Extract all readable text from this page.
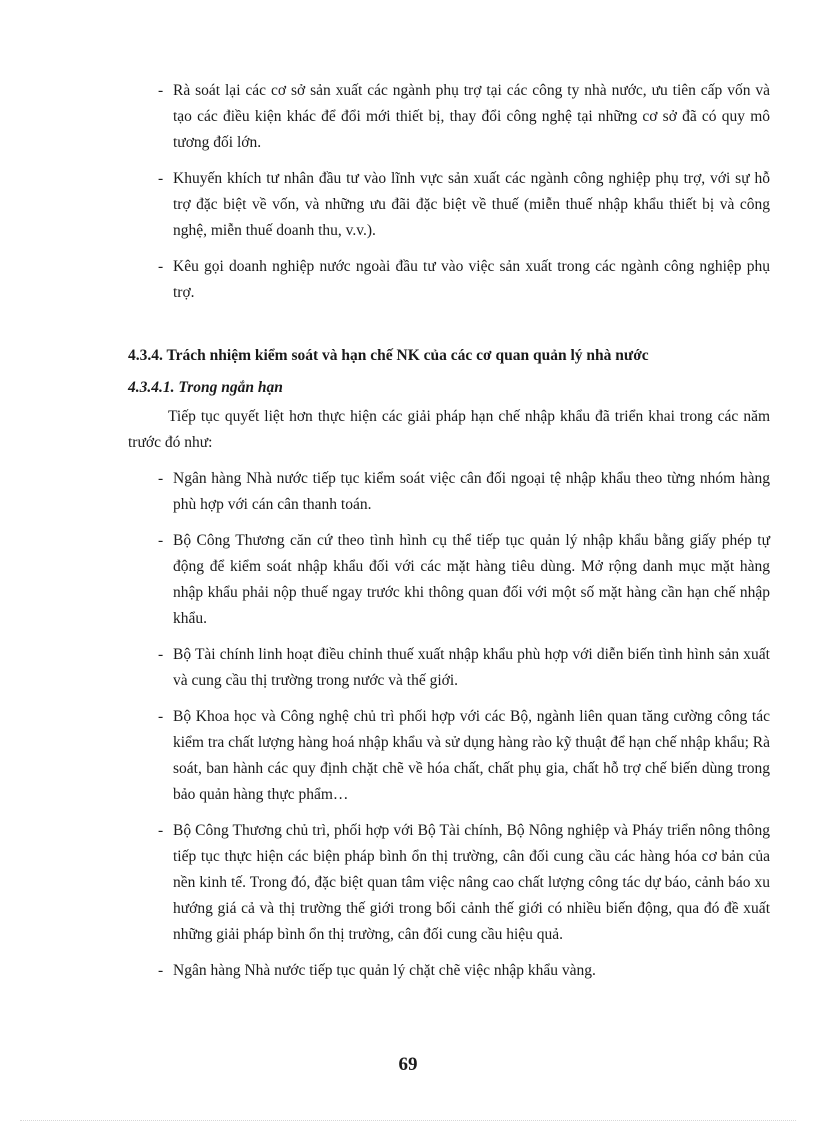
- Rà soát lại các cơ sở sản xuất các ngành phụ trợ tại các công ty nhà nước, ưu tiên cấp vốn và tạo các điều kiện khác để đổi mới thiết bị, thay đổi công nghệ tại những cơ sở đã có quy mô tương đối lớn.
- Khuyến khích tư nhân đầu tư vào lĩnh vực sản xuất các ngành công nghiệp phụ trợ, với sự hỗ trợ đặc biệt về vốn, và những ưu đãi đặc biệt về thuế (miễn thuế nhập khẩu thiết bị và công nghệ, miễn thuế doanh thu, v.v.).
- Kêu gọi doanh nghiệp nước ngoài đầu tư vào việc sản xuất trong các ngành công nghiệp phụ trợ.

4.3.4. Trách nhiệm kiểm soát và hạn chế NK của các cơ quan quản lý nhà nước

4.3.4.1. Trong ngắn hạn

Tiếp tục quyết liệt hơn thực hiện các giải pháp hạn chế nhập khẩu đã triển khai trong các năm trước đó như:

- Ngân hàng Nhà nước tiếp tục kiểm soát việc cân đối ngoại tệ nhập khẩu theo từng nhóm hàng phù hợp với cán cân thanh toán.
- Bộ Công Thương căn cứ theo tình hình cụ thể tiếp tục quản lý nhập khẩu bằng giấy phép tự động để kiểm soát nhập khẩu đối với các mặt hàng tiêu dùng. Mở rộng danh mục mặt hàng nhập khẩu phải nộp thuế ngay trước khi thông quan đối với một số mặt hàng cần hạn chế nhập khẩu.
- Bộ Tài chính linh hoạt điều chỉnh thuế xuất nhập khẩu phù hợp với diễn biến tình hình sản xuất và cung cầu thị trường trong nước và thế giới.
- Bộ Khoa học và Công nghệ chủ trì phối hợp với các Bộ, ngành liên quan tăng cường công tác kiểm tra chất lượng hàng hoá nhập khẩu và sử dụng hàng rào kỹ thuật để hạn chế nhập khẩu; Rà soát, ban hành các quy định chặt chẽ về hóa chất, chất phụ gia, chất hỗ trợ chế biến dùng trong bảo quản hàng thực phẩm…
- Bộ Công Thương chủ trì, phối hợp với Bộ Tài chính, Bộ Nông nghiệp và Pháy triển nông thông tiếp tục thực hiện các biện pháp bình ổn thị trường, cân đối cung cầu các hàng hóa cơ bản của nền kinh tế. Trong đó, đặc biệt quan tâm việc nâng cao chất lượng công tác dự báo, cảnh báo xu hướng giá cả và thị trường thế giới trong bối cảnh thế giới có nhiều biến động, qua đó đề xuất những giải pháp bình ổn thị trường, cân đối cung cầu hiệu quả.
- Ngân hàng Nhà nước tiếp tục quản lý chặt chẽ việc nhập khẩu vàng.
69
